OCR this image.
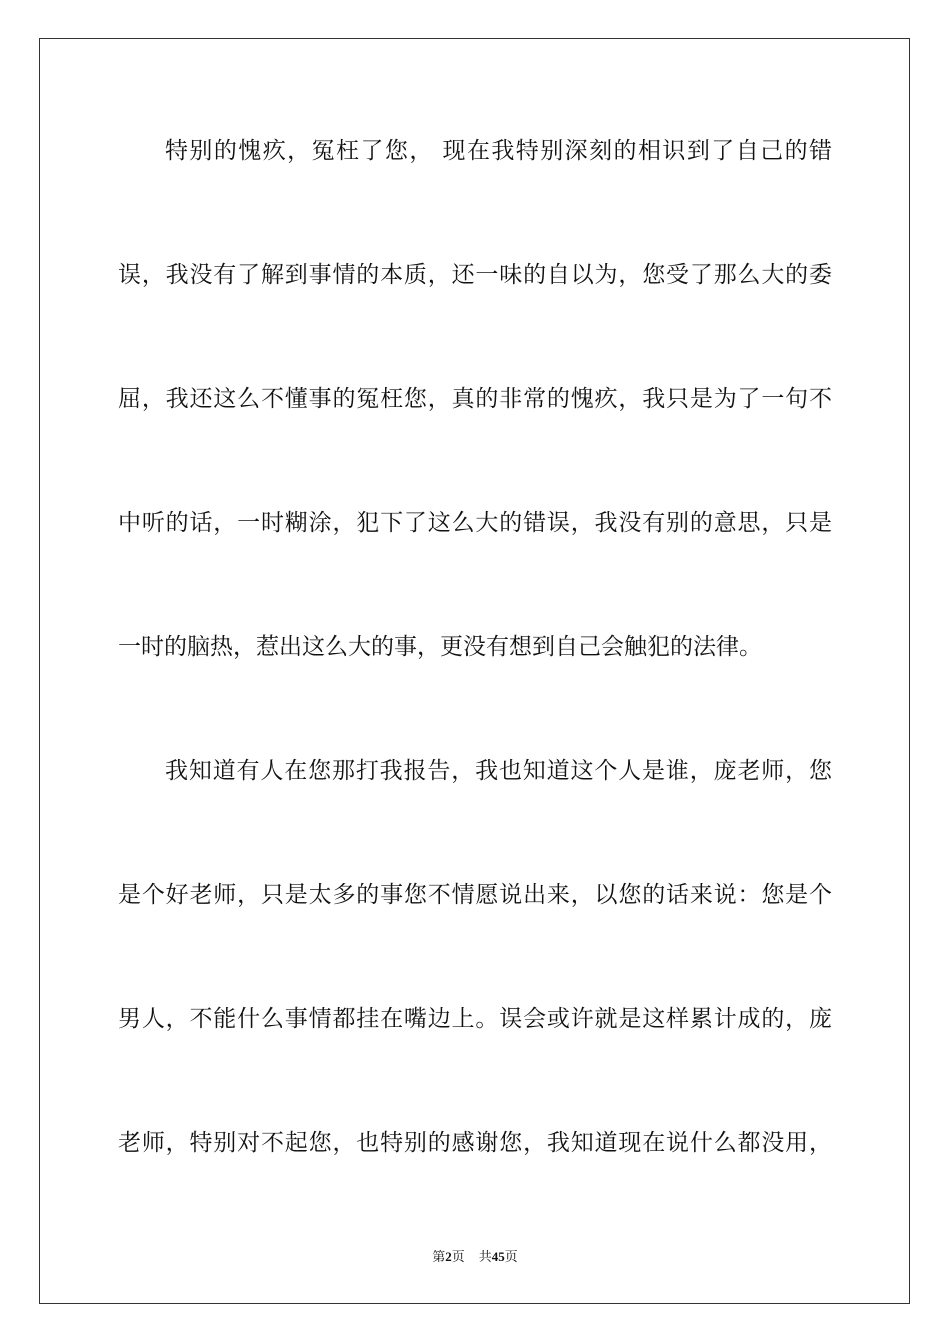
特别的愧疚，冤枉了您， 现在我特别深刻的相识到了自己的错
误，我没有了解到事情的本质，还一味的自以为，您受了那么大的委
屈，我还这么不懂事的冤枉您，真的非常的愧疚，我只是为了一句不
中听的话，一时糊涂，犯下了这么大的错误，我没有别的意思，只是
一时的脑热，惹出这么大的事，更没有想到自己会触犯的法律。
我知道有人在您那打我报告，我也知道这个人是谁，庞老师，您
是个好老师，只是太多的事您不情愿说出来，以您的话来说：您是个
男人，不能什么事情都挂在嘴边上。误会或许就是这样累计成的，庞
老师，特别对不起您，也特别的感谢您，我知道现在说什么都没用，
第2页 共45页
